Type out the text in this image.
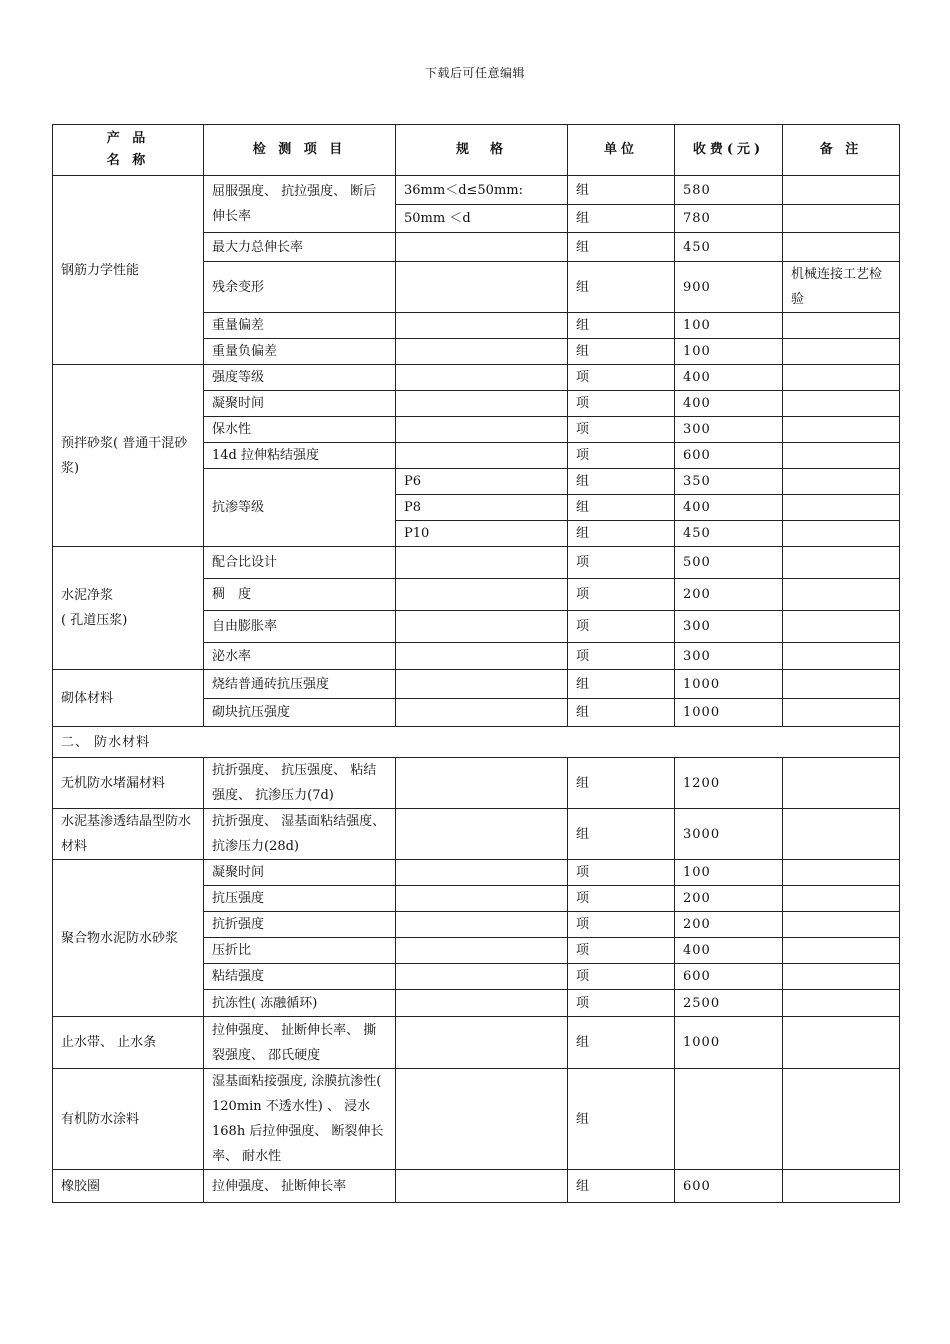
下载后可任意编辑
产 品
名 称	检 测 项 目	规　格	单位	收费(元)	备 注
钢筋力学性能	屈服强度、 抗拉强度、 断后伸长率	36mm＜d≤50mm:	组	580	
		50mm ＜d	组	780	
	最大力总伸长率		组	450	
	残余变形		组	900	机械连接工艺检验
	重量偏差		组	100	
	重量负偏差		组	100	
预拌砂浆( 普通干混砂浆)	强度等级		项	400	
	凝聚时间		项	400	
	保水性		项	300	
	14d 拉伸粘结强度		项	600	
	抗渗等级	P6	组	350	
		P8	组	400	
		P10	组	450	
水泥净浆
( 孔道压浆)	配合比设计		项	500	
	稠　度		项	200	
	自由膨胀率		项	300	
	泌水率		项	300	
砌体材料	烧结普通砖抗压强度		组	1000	
	砌块抗压强度		组	1000	
二、 防水材料					
无机防水堵漏材料	抗折强度、 抗压强度、 粘结强度、 抗渗压力(7d)		组	1200	
水泥基渗透结晶型防水材料	抗折强度、 湿基面粘结强度、 抗渗压力(28d)		组	3000	
聚合物水泥防水砂浆	凝聚时间		项	100	
	抗压强度		项	200	
	抗折强度		项	200	
	压折比		项	400	
	粘结强度		项	600	
	抗冻性( 冻融循环)		项	2500	
止水带、 止水条	拉伸强度、 扯断伸长率、 撕裂强度、 邵氏硬度		组	1000	
有机防水涂料	湿基面粘接强度, 涂膜抗渗性( 120min 不透水性) 、 浸水 168h 后拉伸强度、 断裂伸长率、 耐水性		组		
橡胶圈	拉伸强度、 扯断伸长率		组	600	
